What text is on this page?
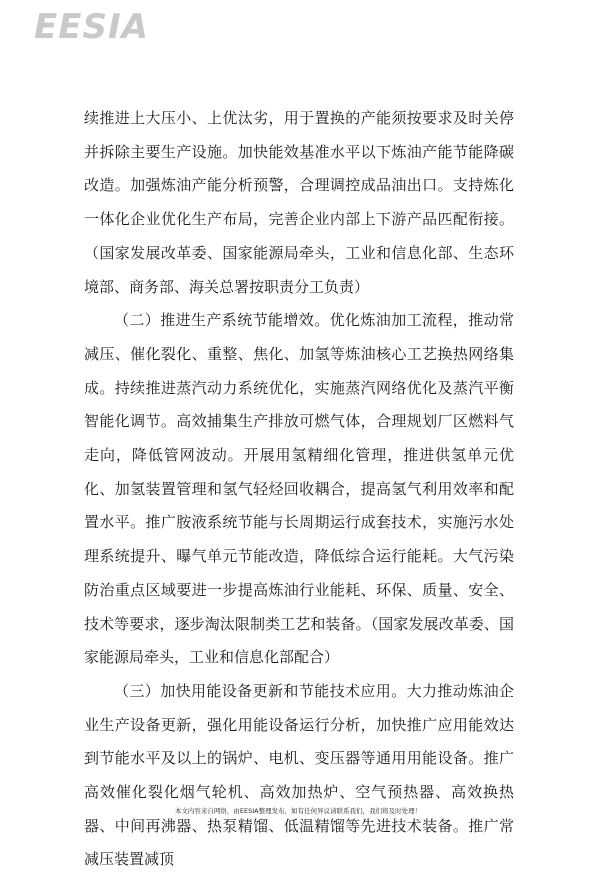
EESIA

续推进上大压小、上优汰劣，用于置换的产能须按要求及时关停并拆除主要生产设施。加快能效基准水平以下炼油产能节能降碳改造。加强炼油产能分析预警，合理调控成品油出口。支持炼化一体化企业优化生产布局，完善企业内部上下游产品匹配衔接。（国家发展改革委、国家能源局牵头，工业和信息化部、生态环境部、商务部、海关总署按职责分工负责）

（二）推进生产系统节能增效。优化炼油加工流程，推动常减压、催化裂化、重整、焦化、加氢等炼油核心工艺换热网络集成。持续推进蒸汽动力系统优化，实施蒸汽网络优化及蒸汽平衡智能化调节。高效捕集生产排放可燃气体，合理规划厂区燃料气走向，降低管网波动。开展用氢精细化管理，推进供氢单元优化、加氢装置管理和氢气轻烃回收耦合，提高氢气利用效率和配置水平。推广胺液系统节能与长周期运行成套技术，实施污水处理系统提升、曝气单元节能改造，降低综合运行能耗。大气污染防治重点区域要进一步提高炼油行业能耗、环保、质量、安全、技术等要求，逐步淘汰限制类工艺和装备。（国家发展改革委、国家能源局牵头，工业和信息化部配合）

（三）加快用能设备更新和节能技术应用。大力推动炼油企业生产设备更新，强化用能设备运行分析，加快推广应用能效达到节能水平及以上的锅炉、电机、变压器等通用用能设备。推广高效催化裂化烟气轮机、高效加热炉、空气预热器、高效换热器、中间再沸器、热泵精馏、低温精馏等先进技术装备。推广常减压装置减顶

本文内容来自网络，由EESIA整理发布，如有任何异议请联系我们，我们将及时处理！
